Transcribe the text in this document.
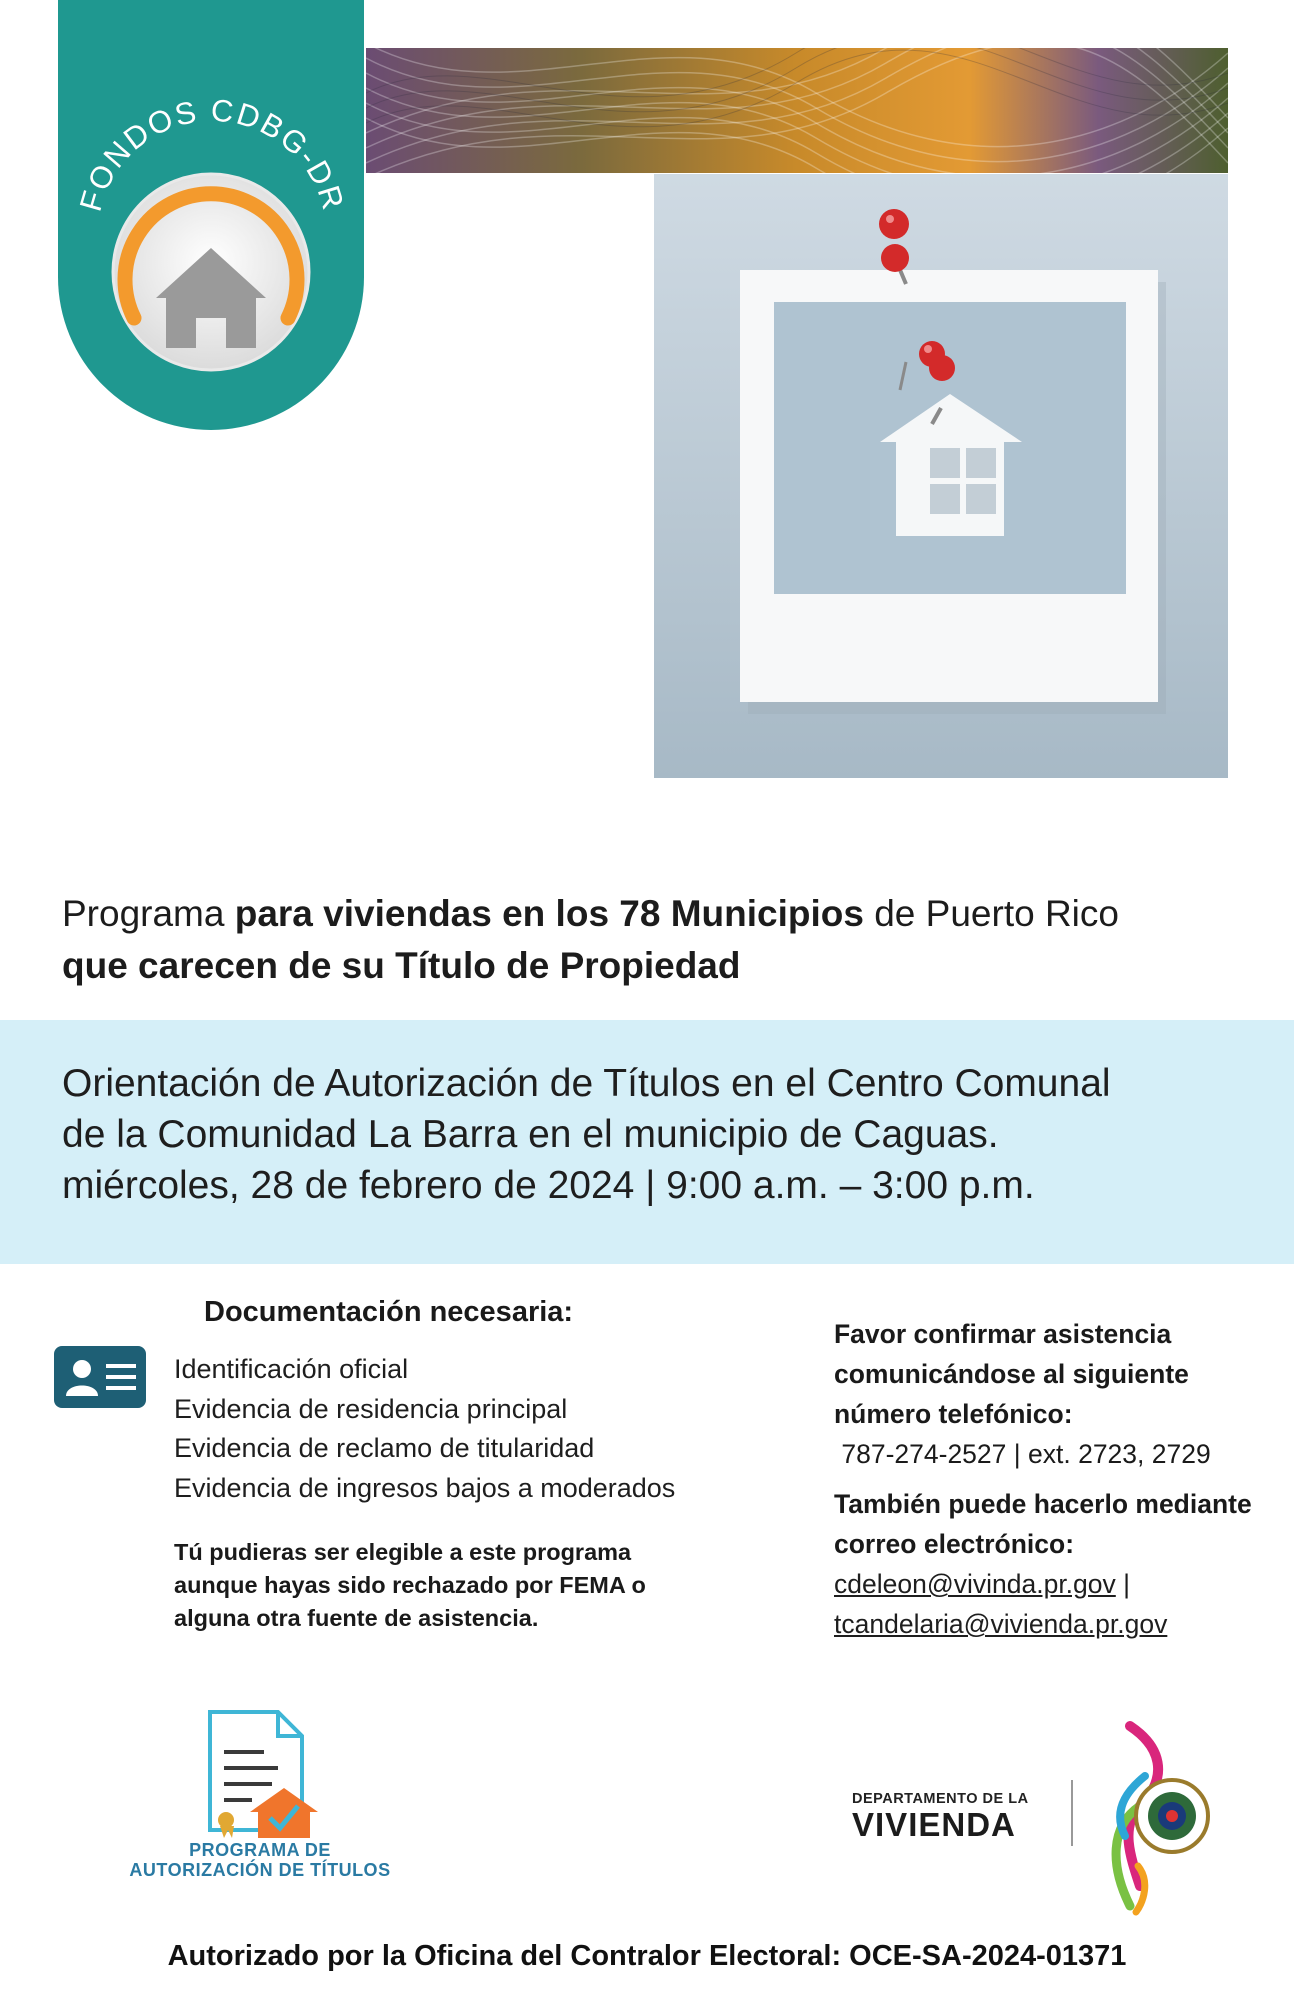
FONDOS CDBG-DR
Programa para viviendas en los 78 Municipios de Puerto Rico
que carecen de su Título de Propiedad
Orientación de Autorización de Títulos en el Centro Comunal
de la Comunidad La Barra en el municipio de Caguas.
miércoles, 28 de febrero de 2024 | 9:00 a.m. – 3:00 p.m.
Documentación necesaria:
Identificación oficial
Evidencia de residencia principal
Evidencia de reclamo de titularidad
Evidencia de ingresos bajos a moderados
Tú pudieras ser elegible a este programa
aunque hayas sido rechazado por FEMA o
alguna otra fuente de asistencia.
Favor confirmar asistencia
comunicándose al siguiente
número telefónico:
787-274-2527 | ext. 2723, 2729
También puede hacerlo mediante
correo electrónico:
cdeleon@vivinda.pr.gov |
tcandelaria@vivienda.pr.gov
PROGRAMA DE
AUTORIZACIÓN DE TÍTULOS
DEPARTAMENTO DE LA
VIVIENDA
Autorizado por la Oficina del Contralor Electoral: OCE-SA-2024-01371
